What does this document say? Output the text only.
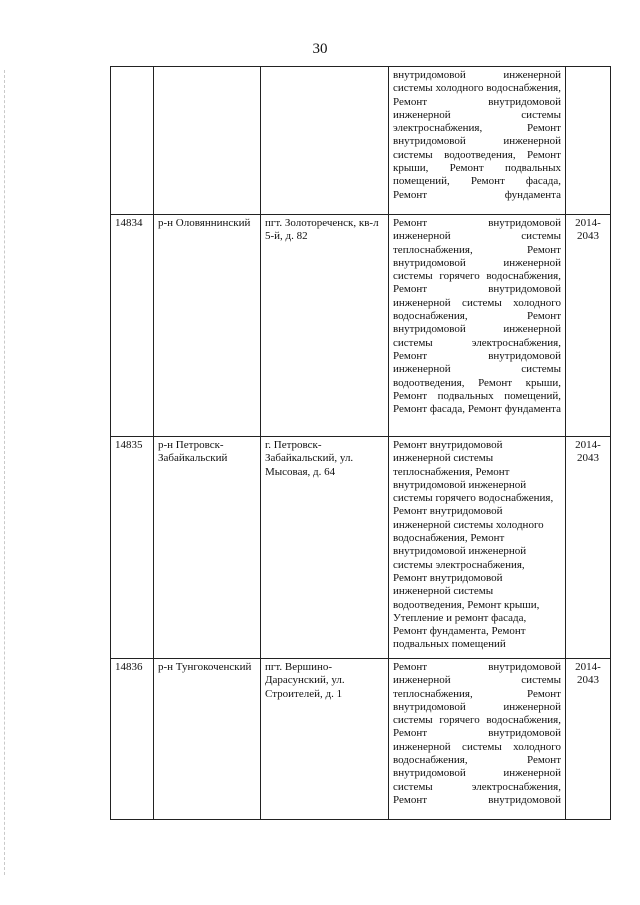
30
			внутридомовой инженерной системы холодного водоснабжения, Ремонт внутридомовой инженерной системы электроснабжения, Ремонт внутридомовой инженерной системы водоотведения, Ремонт крыши, Ремонт подвальных помещений, Ремонт фасада, Ремонт фундамента	
14834	р-н Оловяннинский	пгт. Золотореченск, кв-л 5-й, д. 82	Ремонт внутридомовой инженерной системы теплоснабжения, Ремонт внутридомовой инженерной системы горячего водоснабжения, Ремонт внутридомовой инженерной системы холодного водоснабжения, Ремонт внутридомовой инженерной системы электроснабжения, Ремонт внутридомовой инженерной системы водоотведения, Ремонт крыши, Ремонт подвальных помещений, Ремонт фасада, Ремонт фундамента	2014-2043
14835	р-н Петровск-Забайкальский	г. Петровск-Забайкальский, ул. Мысовая, д. 64	Ремонт внутридомовой инженерной системы теплоснабжения, Ремонт внутридомовой инженерной системы горячего водоснабжения, Ремонт внутридомовой инженерной системы холодного водоснабжения, Ремонт внутридомовой инженерной системы электроснабжения, Ремонт внутридомовой инженерной системы водоотведения, Ремонт крыши, Утепление и ремонт фасада, Ремонт фундамента, Ремонт подвальных помещений	2014-2043
14836	р-н Тунгокоченский	пгт. Вершино-Дарасунский, ул. Строителей, д. 1	Ремонт внутридомовой инженерной системы теплоснабжения, Ремонт внутридомовой инженерной системы горячего водоснабжения, Ремонт внутридомовой инженерной системы холодного водоснабжения, Ремонт внутридомовой инженерной системы электроснабжения, Ремонт внутридомовой	2014-2043
